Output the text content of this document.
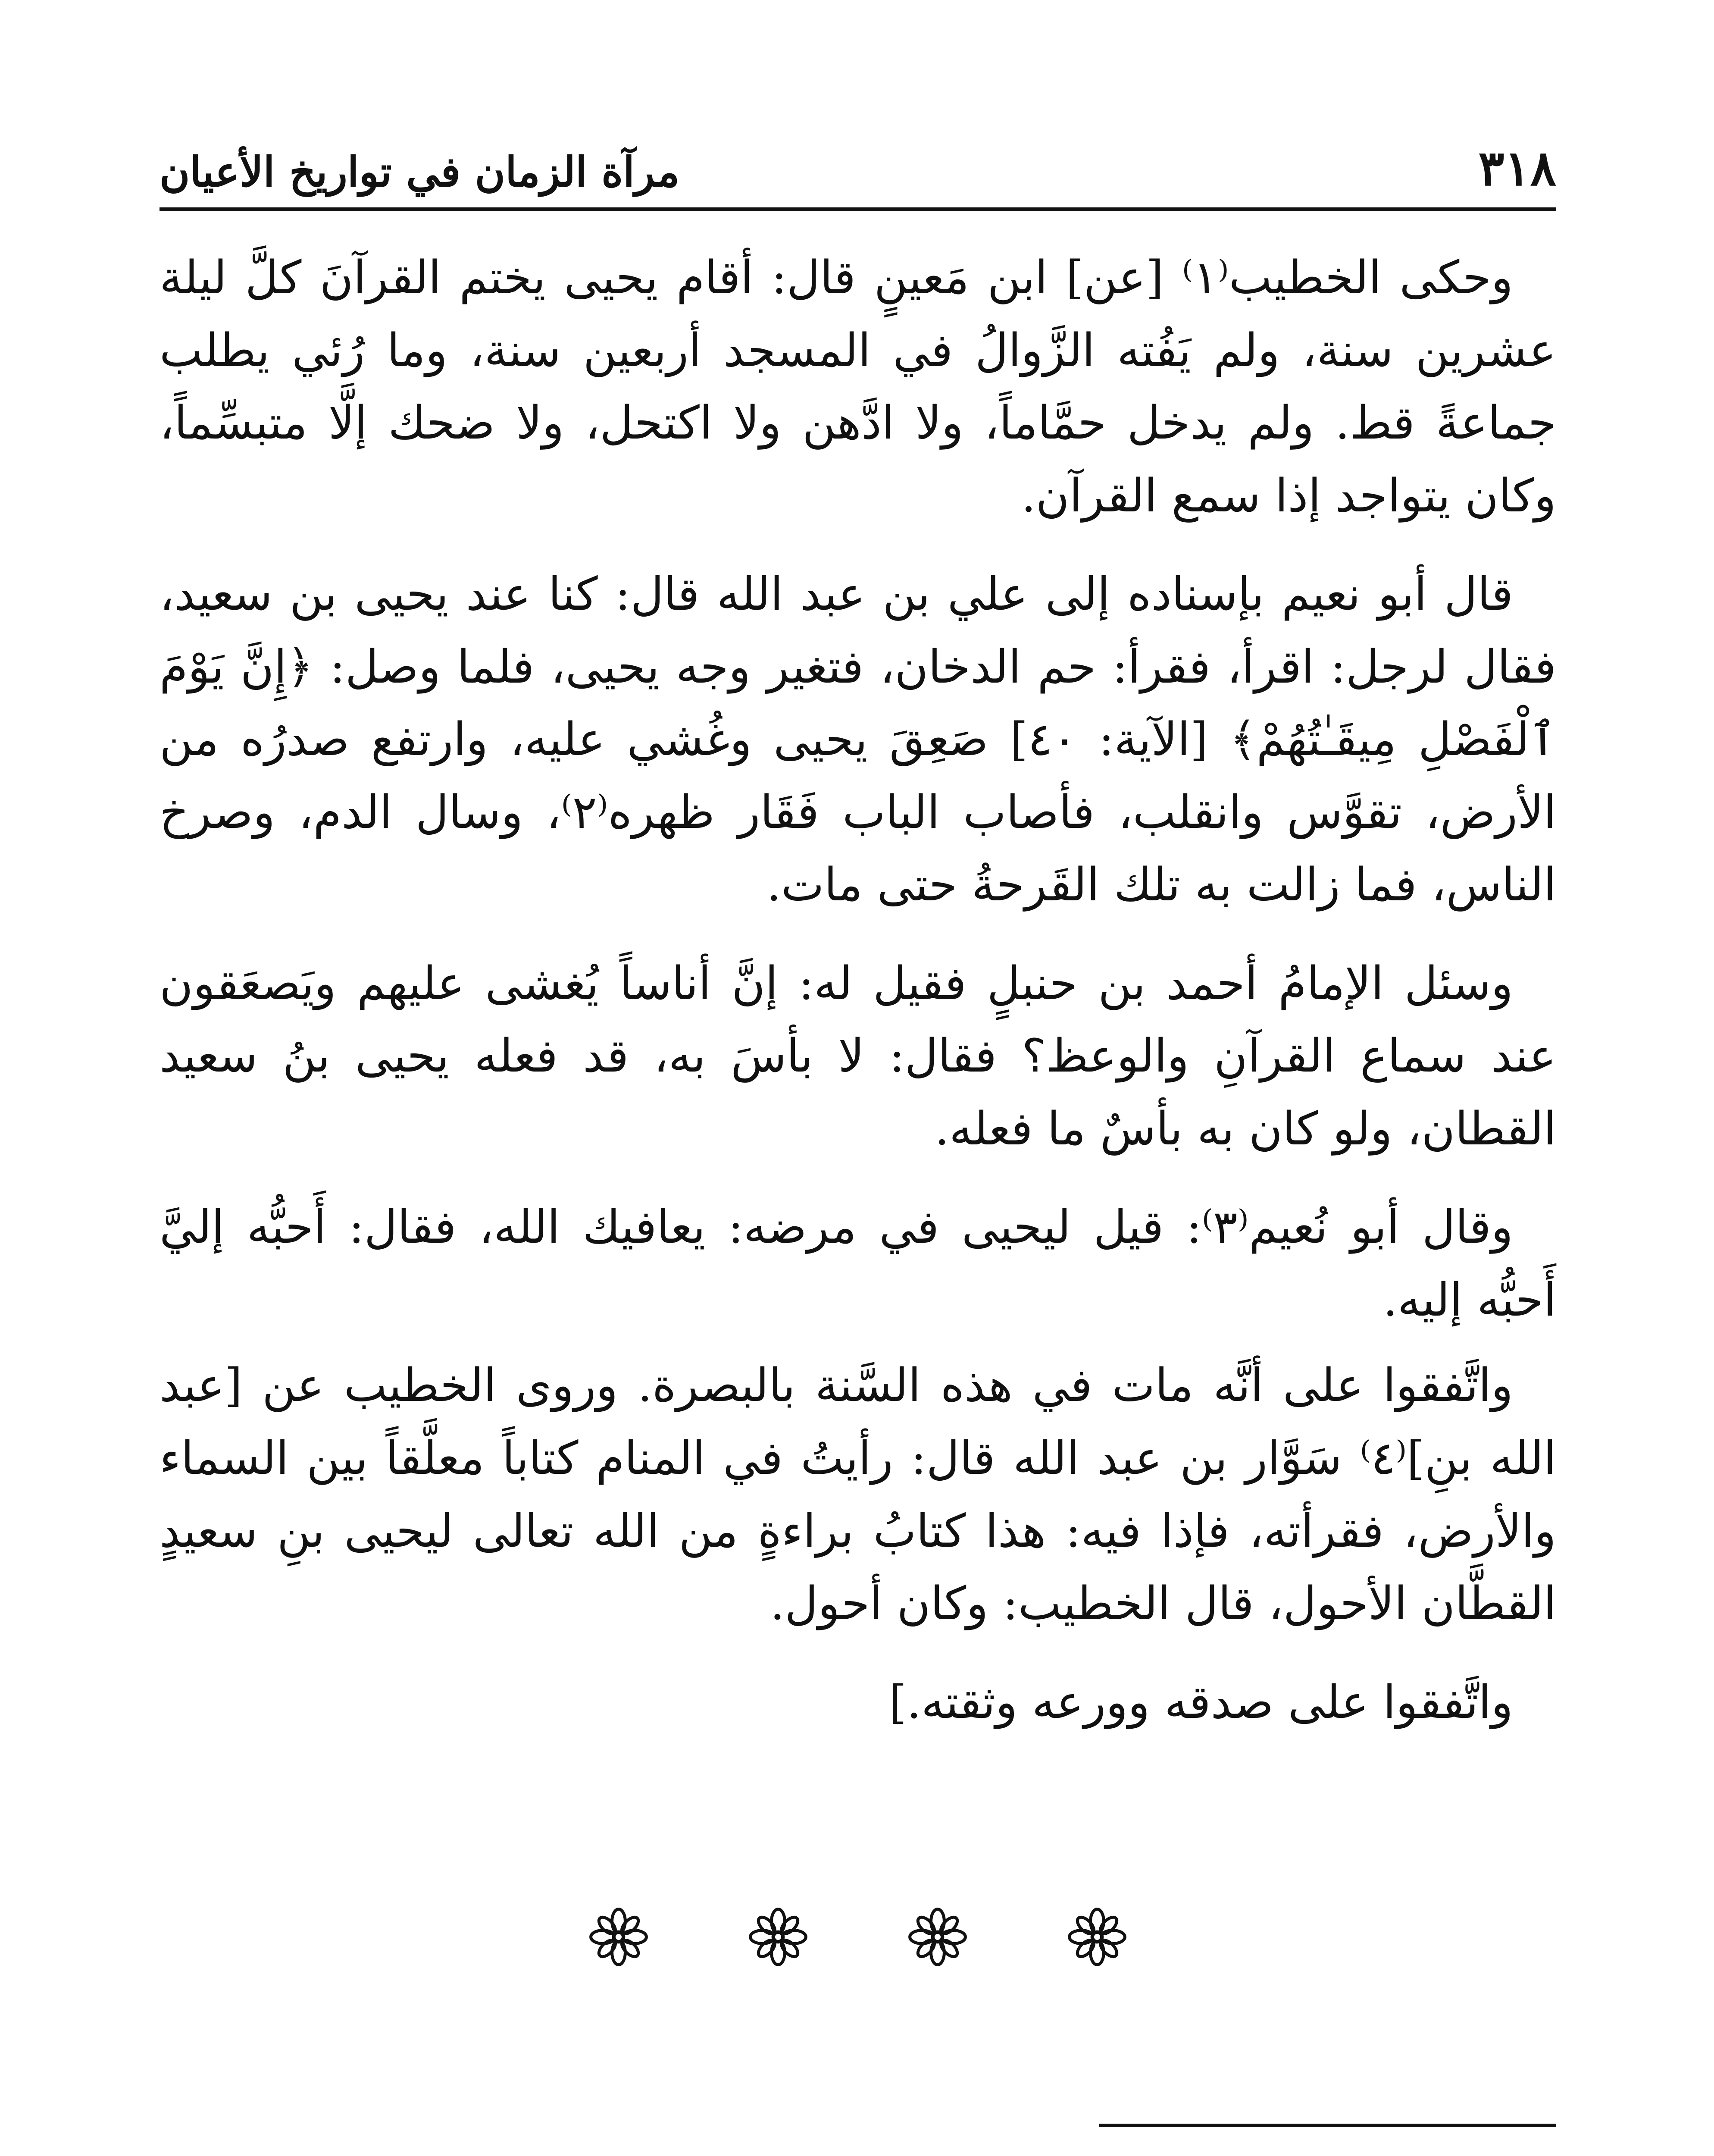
٣١٨
مرآة الزمان في تواريخ الأعيان

وحكى الخطيب⁽١⁾ [عن] ابن مَعينٍ قال: أقام يحيى يختم القرآنَ كلَّ ليلة عشرين سنة، ولم يَفُته الزَّوالُ في المسجد أربعين سنة، وما رُئي يطلب جماعةً قط. ولم يدخل حمَّاماً، ولا ادَّهن ولا اكتحل، ولا ضحك إلَّا متبسِّماً، وكان يتواجد إذا سمع القرآن.

قال أبو نعيم بإسناده إلى علي بن عبد الله قال: كنا عند يحيى بن سعيد، فقال لرجل: اقرأ، فقرأ: حم الدخان، فتغير وجه يحيى، فلما وصل: ﴿إِنَّ يَوْمَ ٱلْفَصْلِ مِيقَـٰتُهُمْ﴾ [الآية: ٤٠] صَعِقَ يحيى وغُشي عليه، وارتفع صدرُه من الأرض، تقوَّس وانقلب، فأصاب الباب فَقَار ظهره⁽٢⁾، وسال الدم، وصرخ الناس، فما زالت به تلك القَرحةُ حتى مات.

وسئل الإمامُ أحمد بن حنبلٍ فقيل له: إنَّ أناساً يُغشى عليهم ويَصعَقون عند سماع القرآنِ والوعظ؟ فقال: لا بأسَ به، قد فعله يحيى بنُ سعيد القطان، ولو كان به بأسٌ ما فعله.

وقال أبو نُعيم⁽٣⁾: قيل ليحيى في مرضه: يعافيك الله، فقال: أَحبُّه إليَّ أَحبُّه إليه.

واتَّفقوا على أنَّه مات في هذه السَّنة بالبصرة. وروى الخطيب عن [عبد الله بنِ]⁽٤⁾ سَوَّار بن عبد الله قال: رأيتُ في المنام كتاباً معلَّقاً بين السماء والأرض، فقرأته، فإذا فيه: هذا كتابُ براءةٍ من الله تعالى ليحيى بنِ سعيدٍ القطَّان الأحول، قال الخطيب: وكان أحول.

واتَّفقوا على صدقه وورعه وثقته.]
